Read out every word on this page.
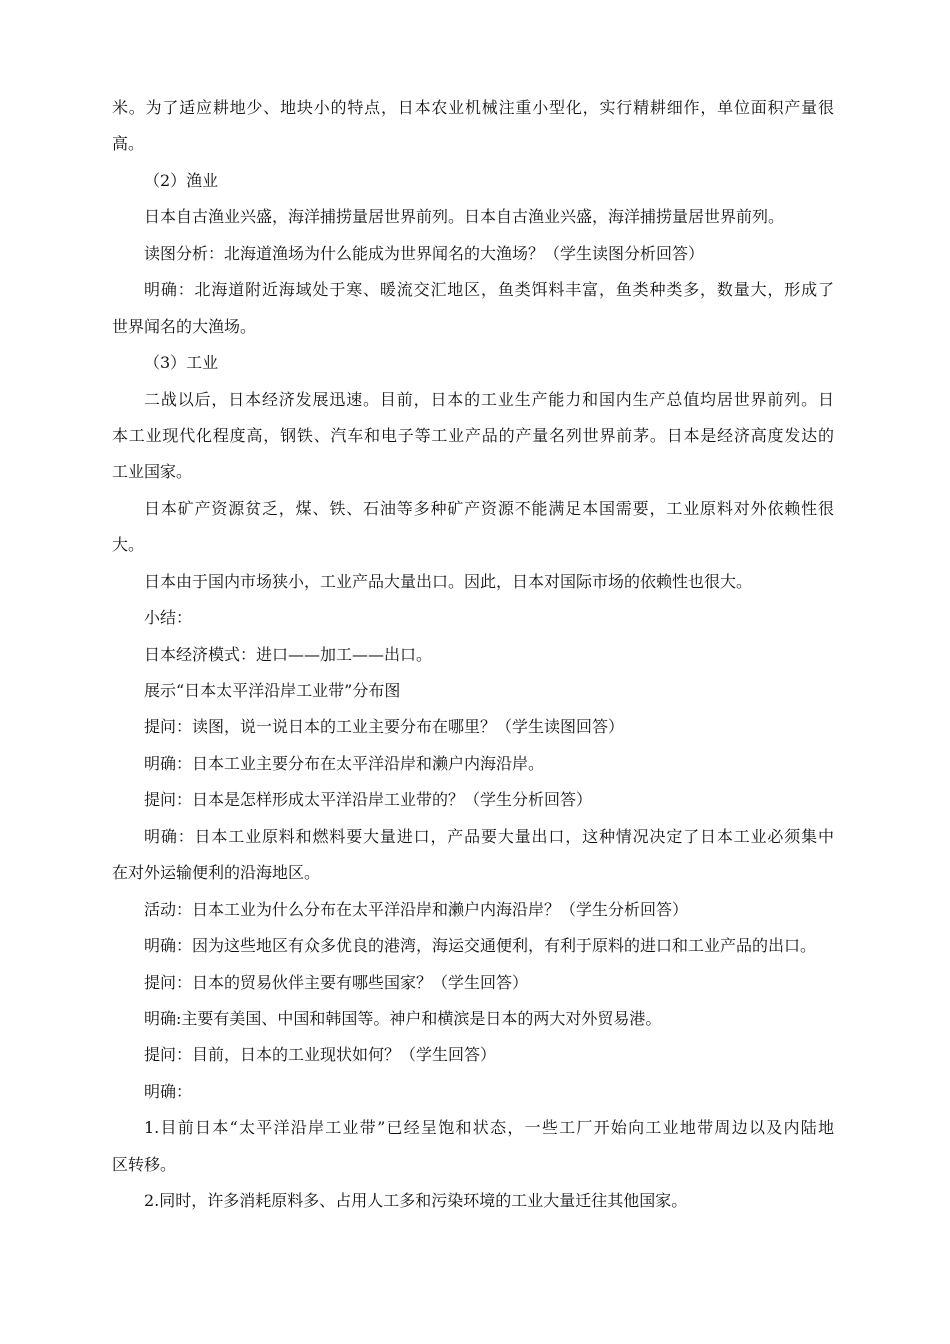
米。为了适应耕地少、地块小的特点，日本农业机械注重小型化，实行精耕细作，单位面积产量很
高。
（2）渔业
日本自古渔业兴盛，海洋捕捞量居世界前列。日本自古渔业兴盛，海洋捕捞量居世界前列。
读图分析：北海道渔场为什么能成为世界闻名的大渔场？（学生读图分析回答）
明确：北海道附近海域处于寒、暖流交汇地区，鱼类饵料丰富，鱼类种类多，数量大，形成了
世界闻名的大渔场。
（3）工业
二战以后，日本经济发展迅速。目前，日本的工业生产能力和国内生产总值均居世界前列。日
本工业现代化程度高，钢铁、汽车和电子等工业产品的产量名列世界前茅。日本是经济高度发达的
工业国家。
日本矿产资源贫乏，煤、铁、石油等多种矿产资源不能满足本国需要，工业原料对外依赖性很
大。
日本由于国内市场狭小，工业产品大量出口。因此，日本对国际市场的依赖性也很大。
小结：
日本经济模式：进口——加工——出口。
展示“日本太平洋沿岸工业带”分布图
提问：读图，说一说日本的工业主要分布在哪里？（学生读图回答）
明确：日本工业主要分布在太平洋沿岸和濑户内海沿岸。
提问：日本是怎样形成太平洋沿岸工业带的？（学生分析回答）
明确：日本工业原料和燃料要大量进口，产品要大量出口，这种情况决定了日本工业必须集中
在对外运输便利的沿海地区。
活动：日本工业为什么分布在太平洋沿岸和濑户内海沿岸？（学生分析回答）
明确：因为这些地区有众多优良的港湾，海运交通便利，有利于原料的进口和工业产品的出口。
提问：日本的贸易伙伴主要有哪些国家？（学生回答）
明确:主要有美国、中国和韩国等。神户和横滨是日本的两大对外贸易港。
提问：目前，日本的工业现状如何？（学生回答）
明确：
1.目前日本“太平洋沿岸工业带”已经呈饱和状态，一些工厂开始向工业地带周边以及内陆地
区转移。
2.同时，许多消耗原料多、占用人工多和污染环境的工业大量迁往其他国家。
